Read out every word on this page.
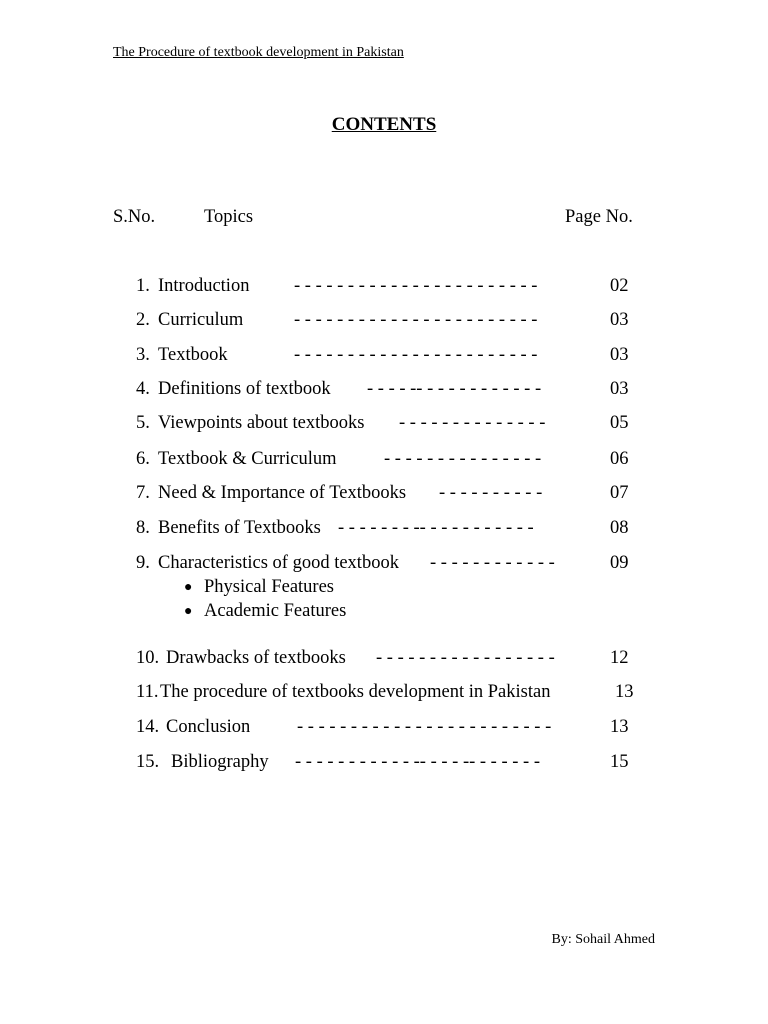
The Procedure of textbook development in Pakistan
CONTENTS
S.No.	Topics	Page No.
1. Introduction - - - - - - - - - - - - - - - - - - - - - - -	02
2. Curriculum	- - - - - - - - - - - - - - - - - - - - - - -	03
3. Textbook	- - - - - - - - - - - - - - - - - - - - - - -	03
4. Definitions of textbook - - - - -- - - - - - - - - - - -	03
5. Viewpoints about textbooks - - - - - - - - - - - - - -	05
6. Textbook & Curriculum	- - - - - - - - - - - - - - -	06
7. Need & Importance of Textbooks - - - - - - - - - -	07
8. Benefits of Textbooks - - - - - - - -- - - - - - - - - - -	08
9. Characteristics of good textbook - - - - - - - - - - - -	09
● Physical Features
● Academic Features
10. Drawbacks of textbooks - - - - - - - - - - - - - - - - -	12
11. The procedure of textbooks development in Pakistan	13
14. Conclusion	- - - - - - - - - - - - - - - - - - - - - - - -	13
15. Bibliography - - - - - - - - - - - -- - - - -- - - - - - -	15
By: Sohail Ahmed
